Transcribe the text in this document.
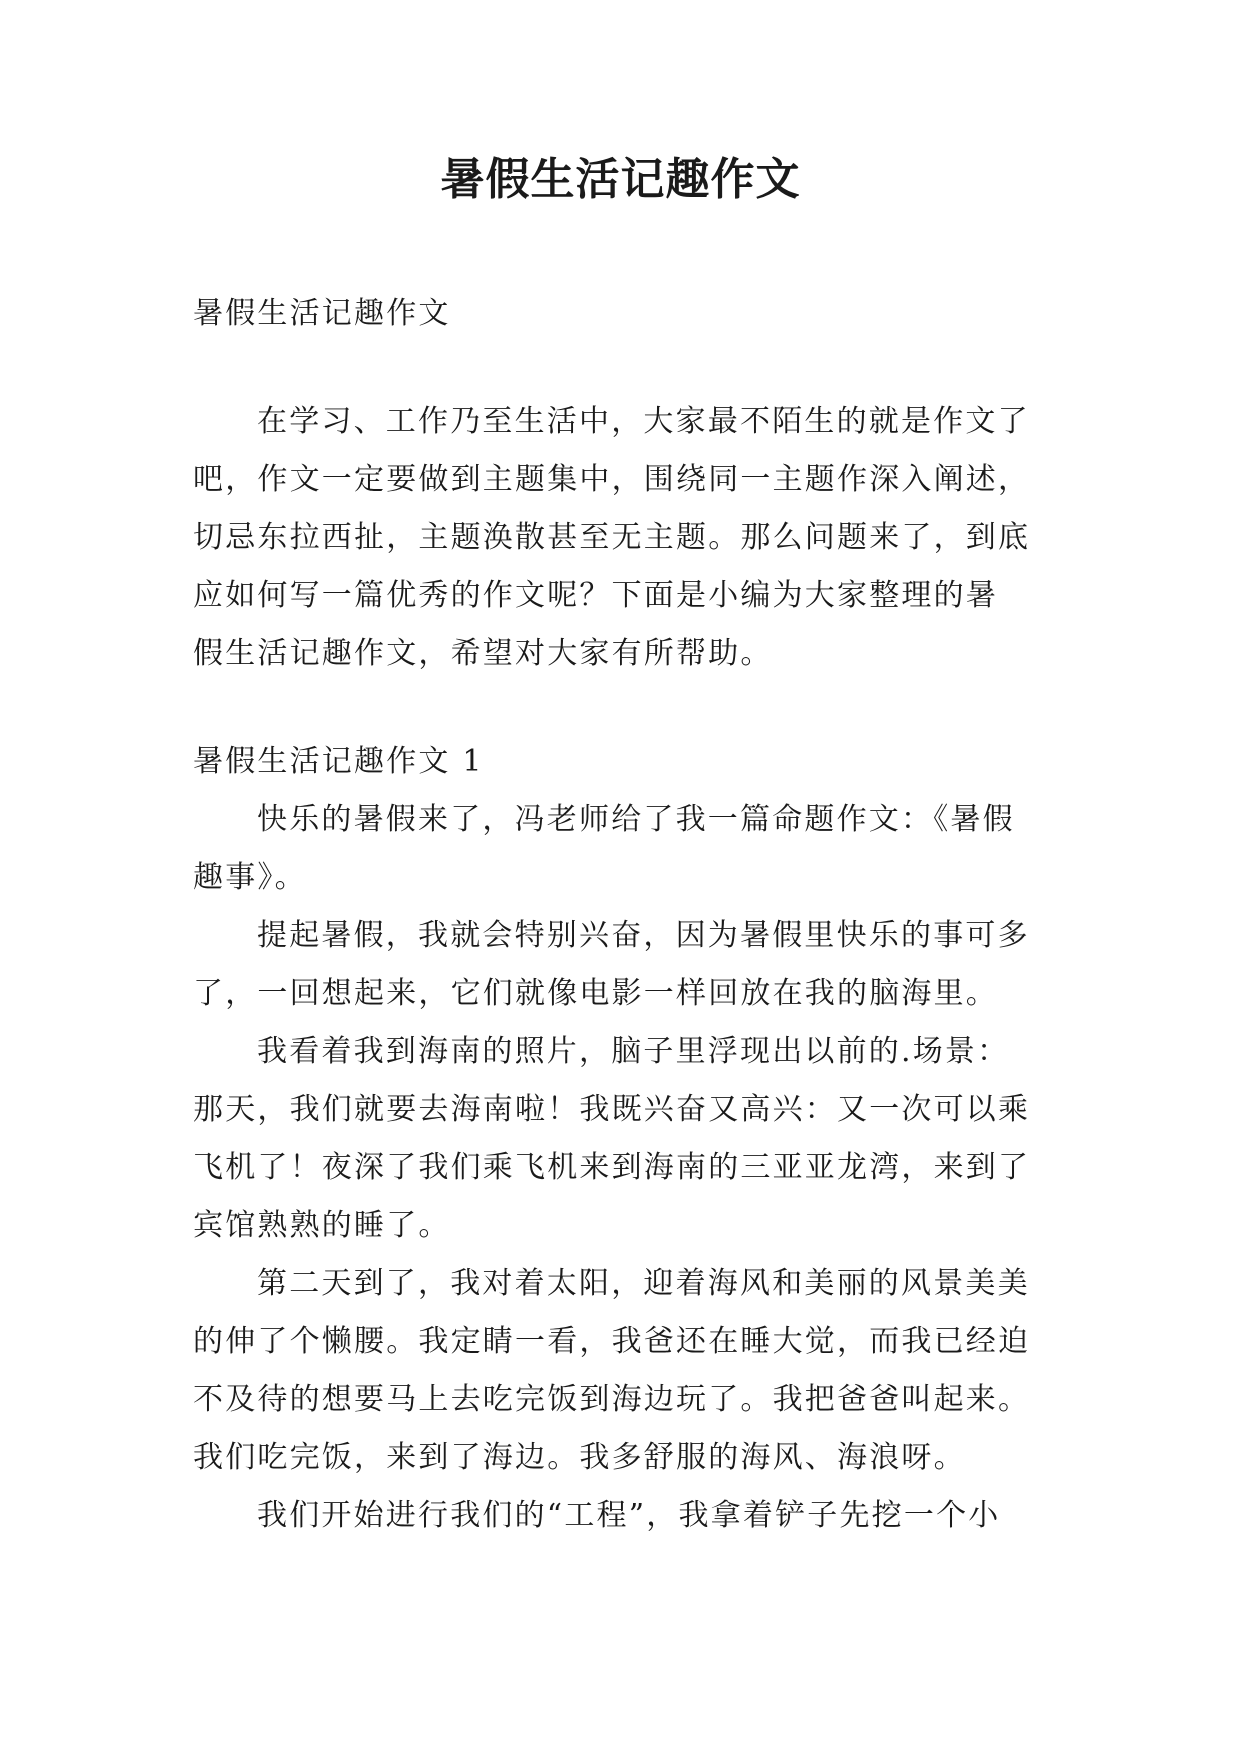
暑假生活记趣作文
暑假生活记趣作文
在学习、工作乃至生活中，大家最不陌生的就是作文了
吧，作文一定要做到主题集中，围绕同一主题作深入阐述，
切忌东拉西扯，主题涣散甚至无主题。那么问题来了，到底
应如何写一篇优秀的作文呢？下面是小编为大家整理的暑
假生活记趣作文，希望对大家有所帮助。
暑假生活记趣作文 1
快乐的暑假来了，冯老师给了我一篇命题作文：《暑假
趣事》。
提起暑假，我就会特别兴奋，因为暑假里快乐的事可多
了，一回想起来，它们就像电影一样回放在我的脑海里。
我看着我到海南的照片，脑子里浮现出以前的.场景：
那天，我们就要去海南啦！我既兴奋又高兴：又一次可以乘
飞机了！夜深了我们乘飞机来到海南的三亚亚龙湾，来到了
宾馆熟熟的睡了。
第二天到了，我对着太阳，迎着海风和美丽的风景美美
的伸了个懒腰。我定睛一看，我爸还在睡大觉，而我已经迫
不及待的想要马上去吃完饭到海边玩了。我把爸爸叫起来。
我们吃完饭，来到了海边。我多舒服的海风、海浪呀。
我们开始进行我们的“工程”，我拿着铲子先挖一个小
